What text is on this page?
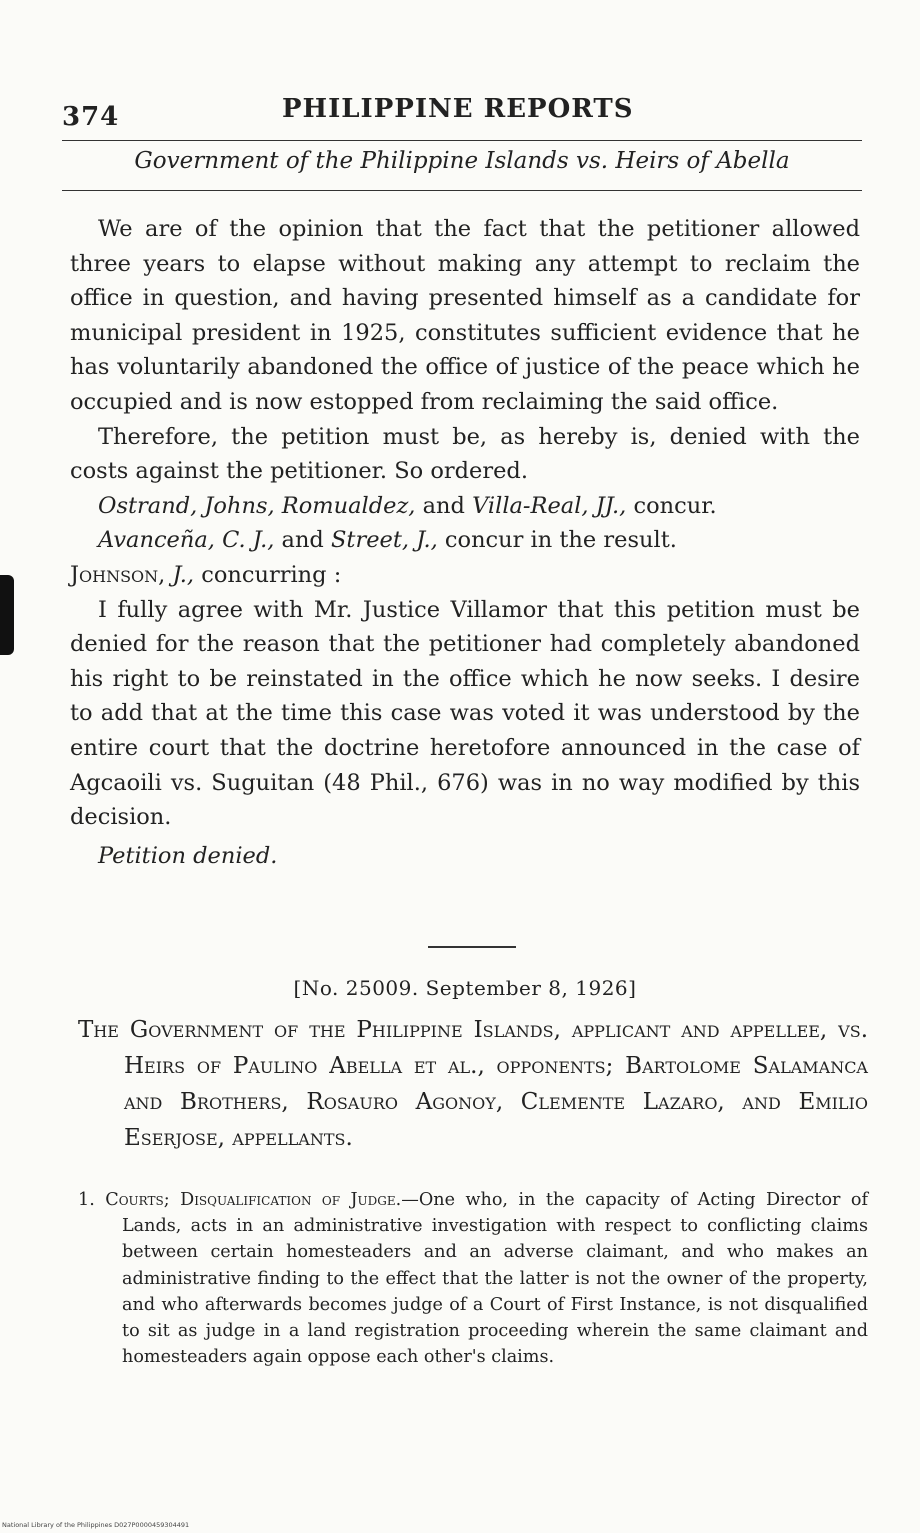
374	PHILIPPINE REPORTS
Government of the Philippine Islands vs. Heirs of Abella

We are of the opinion that the fact that the petitioner allowed three years to elapse without making any attempt to reclaim the office in question, and having presented himself as a candidate for municipal president in 1925, constitutes sufficient evidence that he has voluntarily abandoned the office of justice of the peace which he occupied and is now estopped from reclaiming the said office.

Therefore, the petition must be, as hereby is, denied with the costs against the petitioner. So ordered.

Ostrand, Johns, Romualdez, and Villa-Real, JJ., concur.

Avanceña, C. J., and Street, J., concur in the result.

Johnson, J., concurring :

I fully agree with Mr. Justice Villamor that this petition must be denied for the reason that the petitioner had completely abandoned his right to be reinstated in the office which he now seeks. I desire to add that at the time this case was voted it was understood by the entire court that the doctrine heretofore announced in the case of Agcaoili vs. Suguitan (48 Phil., 676) was in no way modified by this decision.

Petition denied.

[No. 25009. September 8, 1926]
The Government of the Philippine Islands, applicant and appellee, vs. Heirs of Paulino Abella et al., opponents; Bartolome Salamanca and Brothers, Rosauro Agonoy, Clemente Lazaro, and Emilio Eserjose, appellants.
1. Courts; Disqualification of Judge.—One who, in the capacity of Acting Director of Lands, acts in an administrative investigation with respect to conflicting claims between certain homesteaders and an adverse claimant, and who makes an administrative finding to the effect that the latter is not the owner of the property, and who afterwards becomes judge of a Court of First Instance, is not disqualified to sit as judge in a land registration proceeding wherein the same claimant and homesteaders again oppose each other's claims.
National Library of the Philippines D027P0000459304491
